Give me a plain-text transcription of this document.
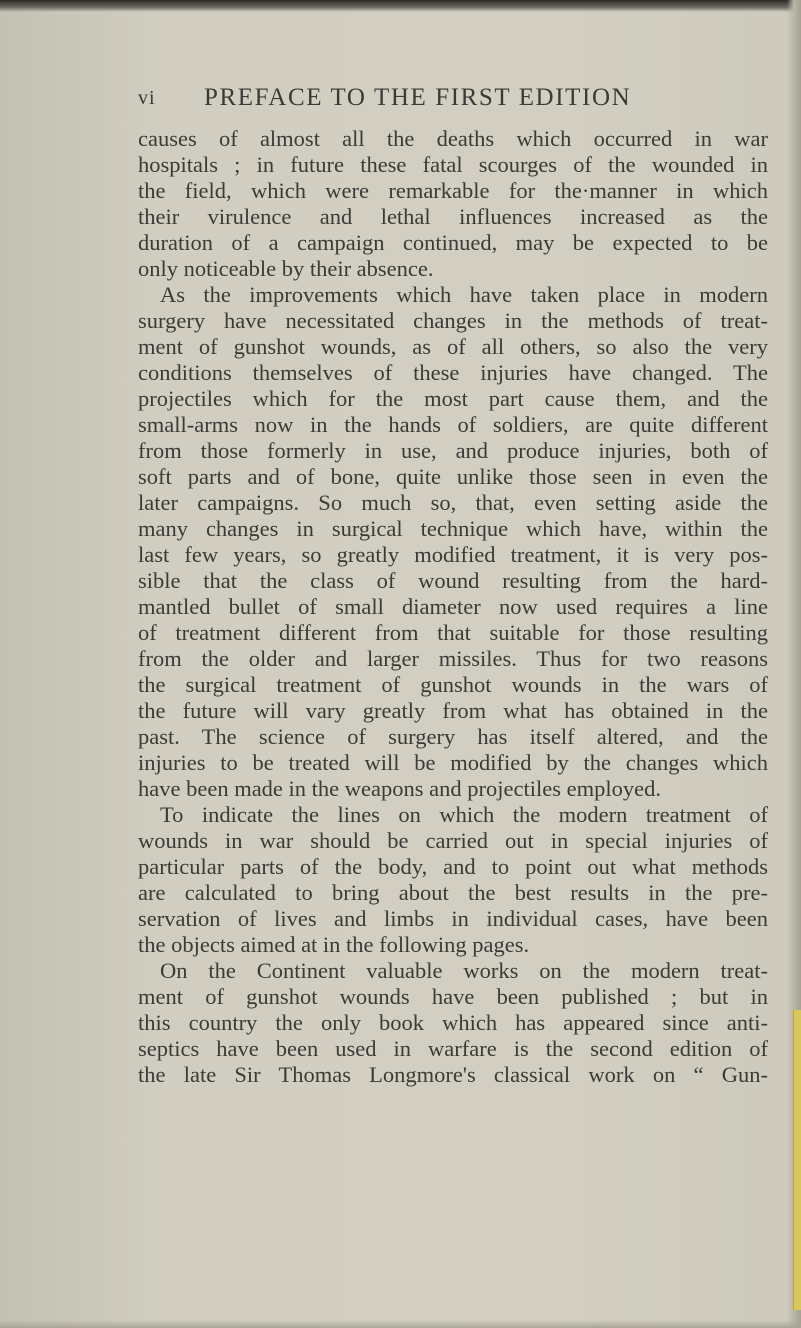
vi PREFACE TO THE FIRST EDITION
causes of almost all the deaths which occurred in war
hospitals ; in future these fatal scourges of the wounded in
the field, which were remarkable for the·manner in which
their virulence and lethal influences increased as the
duration of a campaign continued, may be expected to be
only noticeable by their absence.
As the improvements which have taken place in modern
surgery have necessitated changes in the methods of treat-
ment of gunshot wounds, as of all others, so also the very
conditions themselves of these injuries have changed. The
projectiles which for the most part cause them, and the
small-arms now in the hands of soldiers, are quite different
from those formerly in use, and produce injuries, both of
soft parts and of bone, quite unlike those seen in even the
later campaigns. So much so, that, even setting aside the
many changes in surgical technique which have, within the
last few years, so greatly modified treatment, it is very pos-
sible that the class of wound resulting from the hard-
mantled bullet of small diameter now used requires a line
of treatment different from that suitable for those resulting
from the older and larger missiles. Thus for two reasons
the surgical treatment of gunshot wounds in the wars of
the future will vary greatly from what has obtained in the
past. The science of surgery has itself altered, and the
injuries to be treated will be modified by the changes which
have been made in the weapons and projectiles employed.
To indicate the lines on which the modern treatment of
wounds in war should be carried out in special injuries of
particular parts of the body, and to point out what methods
are calculated to bring about the best results in the pre-
servation of lives and limbs in individual cases, have been
the objects aimed at in the following pages.
On the Continent valuable works on the modern treat-
ment of gunshot wounds have been published ; but in
this country the only book which has appeared since anti-
septics have been used in warfare is the second edition of
the late Sir Thomas Longmore's classical work on “ Gun-
